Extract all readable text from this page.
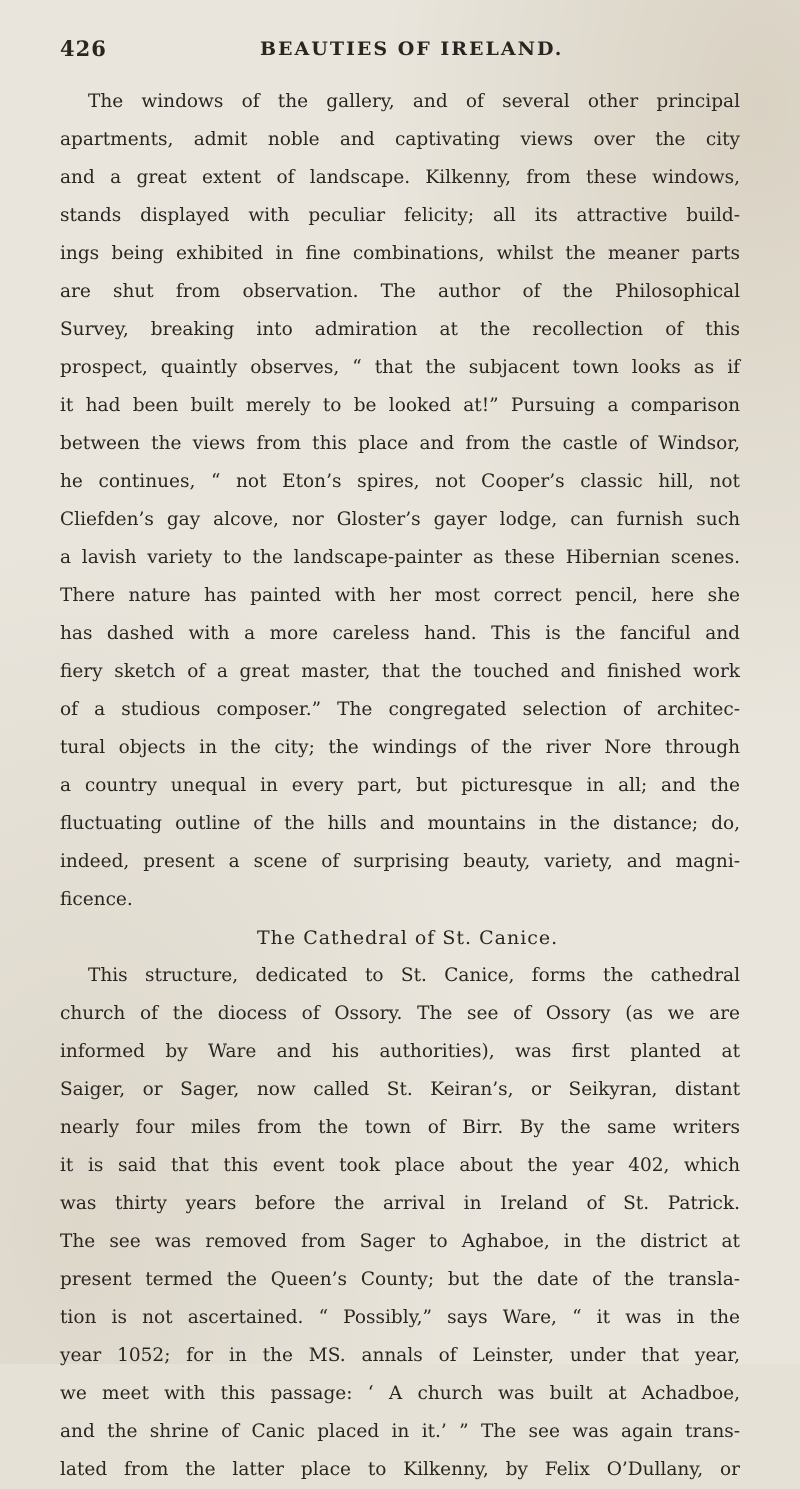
426	BEAUTIES OF IRELAND.
The windows of the gallery, and of several other principal
apartments, admit noble and captivating views over the city
and a great extent of landscape. Kilkenny, from these windows,
stands displayed with peculiar felicity; all its attractive build-
ings being exhibited in fine combinations, whilst the meaner parts
are shut from observation. The author of the Philosophical
Survey, breaking into admiration at the recollection of this
prospect, quaintly observes, “ that the subjacent town looks as if
it had been built merely to be looked at!” Pursuing a comparison
between the views from this place and from the castle of Windsor,
he continues, “ not Eton’s spires, not Cooper’s classic hill, not
Cliefden’s gay alcove, nor Gloster’s gayer lodge, can furnish such
a lavish variety to the landscape-painter as these Hibernian scenes.
There nature has painted with her most correct pencil, here she
has dashed with a more careless hand. This is the fanciful and
fiery sketch of a great master, that the touched and finished work
of a studious composer.” The congregated selection of architec-
tural objects in the city; the windings of the river Nore through
a country unequal in every part, but picturesque in all; and the
fluctuating outline of the hills and mountains in the distance; do,
indeed, present a scene of surprising beauty, variety, and magni-
ficence.
The Cathedral of St. Canice.
This structure, dedicated to St. Canice, forms the cathedral
church of the diocess of Ossory. The see of Ossory (as we are
informed by Ware and his authorities), was first planted at
Saiger, or Sager, now called St. Keiran’s, or Seikyran, distant
nearly four miles from the town of Birr. By the same writers
it is said that this event took place about the year 402, which
was thirty years before the arrival in Ireland of St. Patrick.
The see was removed from Sager to Aghaboe, in the district at
present termed the Queen’s County; but the date of the transla-
tion is not ascertained. “ Possibly,” says Ware, “ it was in the
year 1052; for in the MS. annals of Leinster, under that year,
we meet with this passage: ‘ A church was built at Achadboe,
and the shrine of Canic placed in it.’ ” The see was again trans-
lated from the latter place to Kilkenny, by Felix O’Dullany, or
